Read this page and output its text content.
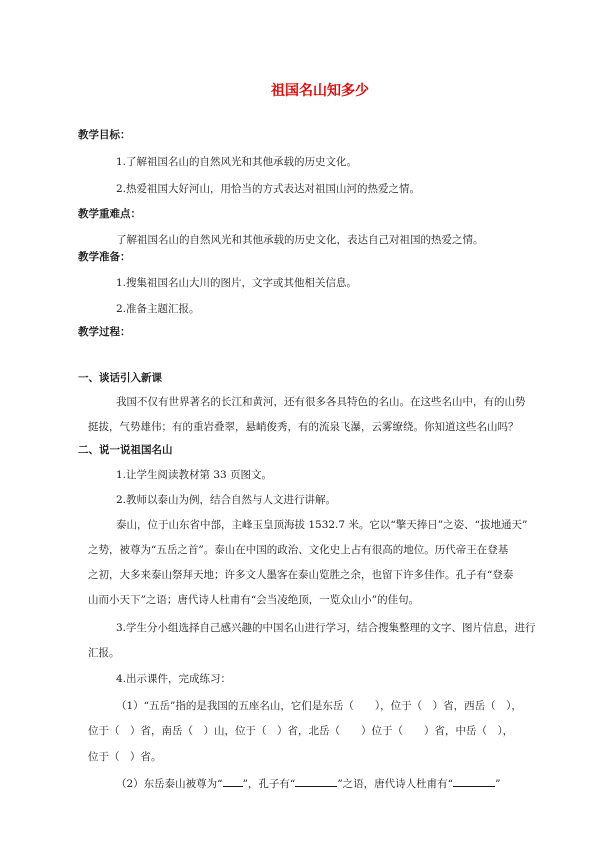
祖国名山知多少
教学目标：
1.了解祖国名山的自然风光和其他承载的历史文化。
2.热爱祖国大好河山，用恰当的方式表达对祖国山河的热爱之情。
教学重难点：
了解祖国名山的自然风光和其他承载的历史文化，表达自己对祖国的热爱之情。
教学准备：
1.搜集祖国名山大川的图片，文字或其他相关信息。
2.准备主题汇报。
教学过程：
一、谈话引入新课
我国不仅有世界著名的长江和黄河，还有很多各具特色的名山。在这些名山中，有的山势
挺拔，气势雄伟；有的重岩叠翠，悬峭俊秀，有的流泉飞瀑，云雾缭绕。你知道这些名山吗？
二、说一说祖国名山
1.让学生阅读教材第 33 页图文。
2.教师以泰山为例，结合自然与人文进行讲解。
泰山，位于山东省中部，主峰玉皇顶海拔 1532.7 米。它以“擎天捧日”之姿、“拔地通天”
之势，被尊为“五岳之首”。泰山在中国的政治、文化史上占有很高的地位。历代帝王在登基
之初，大多来泰山祭拜天地；许多文人墨客在泰山览胜之余，也留下许多佳作。孔子有“登泰
山而小天下”之语；唐代诗人杜甫有“会当凌绝顶，一览众山小”的佳句。
3.学生分小组选择自己感兴趣的中国名山进行学习，结合搜集整理的文字、图片信息，进行
汇报。
4.出示课件，完成练习：
（1）“五岳”指的是我国的五座名山，它们是东岳（　　），位于（　）省，西岳（　），
位于（　）省，南岳（　）山，位于（　）省，北岳（　　）位于（　　）省，中岳（　），
位于（　）省。
（2）东岳泰山被尊为“ ”，孔子有“	”之语，唐代诗人杜甫有“	”
